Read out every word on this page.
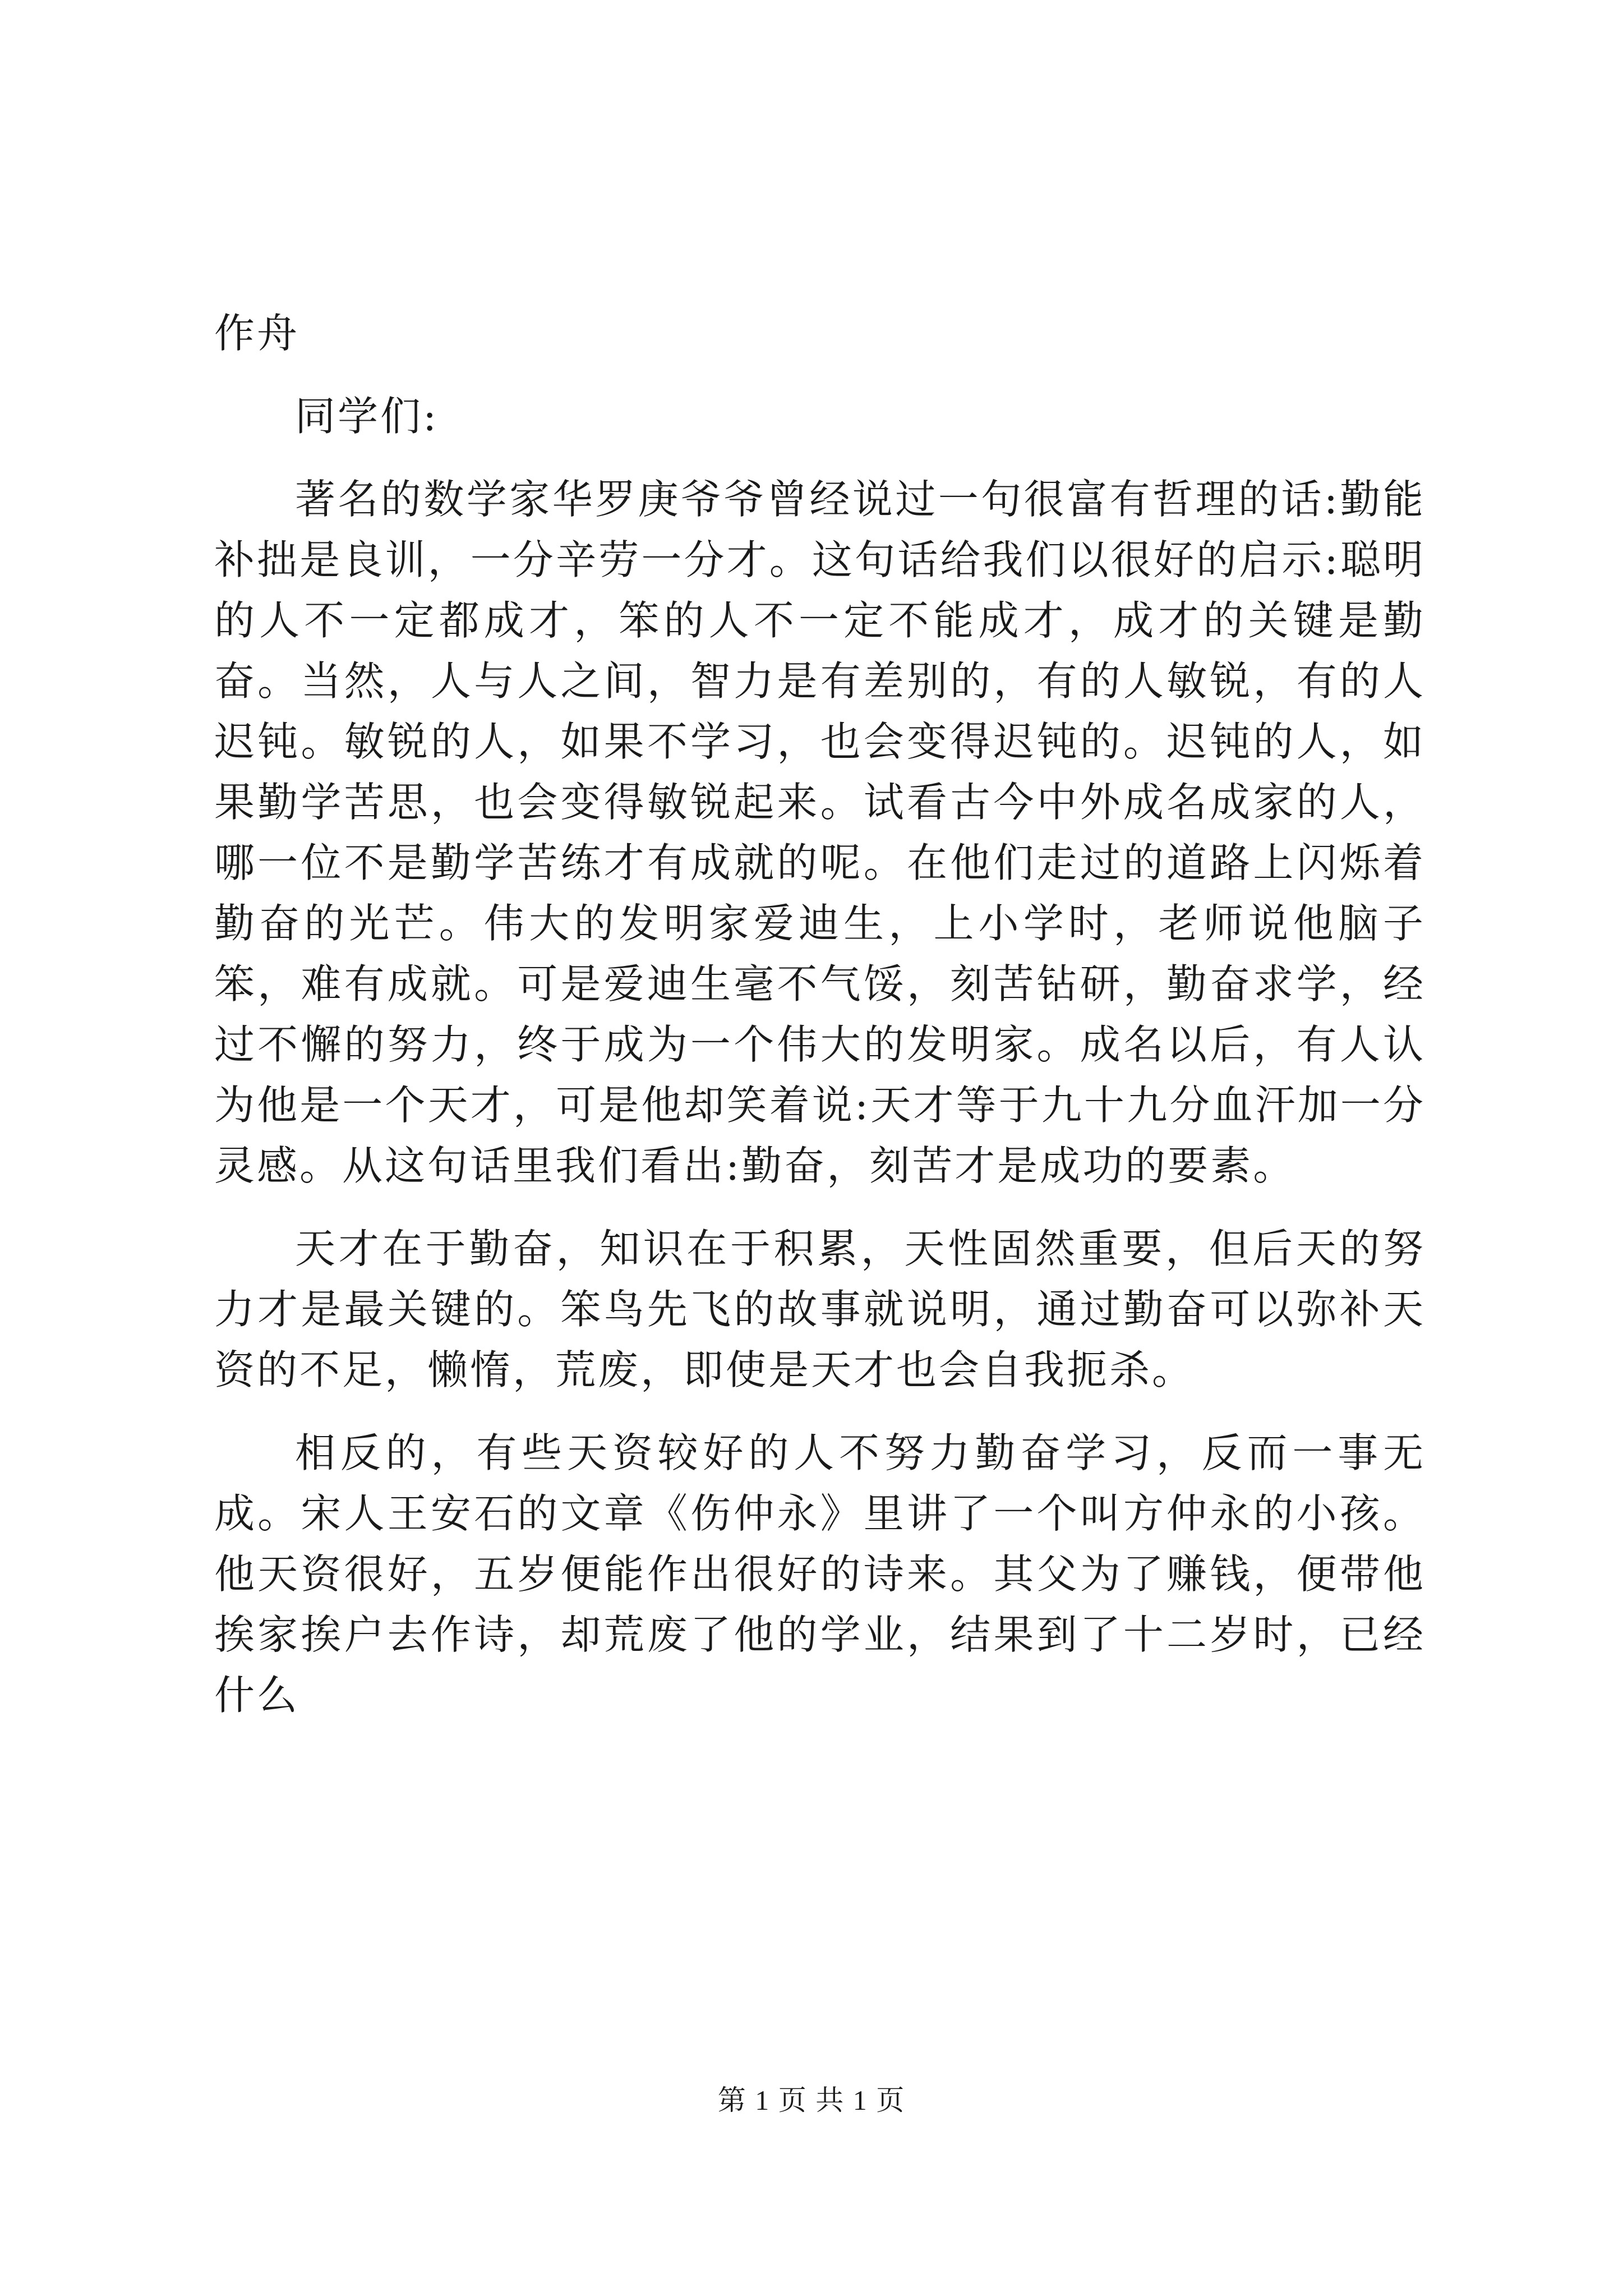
作舟
同学们:

著名的数学家华罗庚爷爷曾经说过一句很富有哲理的话:勤能补拙是良训，一分辛劳一分才。这句话给我们以很好的启示:聪明的人不一定都成才，笨的人不一定不能成才，成才的关键是勤奋。当然，人与人之间，智力是有差别的，有的人敏锐，有的人迟钝。敏锐的人，如果不学习，也会变得迟钝的。迟钝的人，如果勤学苦思，也会变得敏锐起来。试看古今中外成名成家的人，哪一位不是勤学苦练才有成就的呢。在他们走过的道路上闪烁着勤奋的光芒。伟大的发明家爱迪生，上小学时，老师说他脑子笨，难有成就。可是爱迪生毫不气馁，刻苦钻研，勤奋求学，经过不懈的努力，终于成为一个伟大的发明家。成名以后，有人认为他是一个天才，可是他却笑着说:天才等于九十九分血汗加一分灵感。从这句话里我们看出:勤奋，刻苦才是成功的要素。

天才在于勤奋，知识在于积累，天性固然重要，但后天的努力才是最关键的。笨鸟先飞的故事就说明，通过勤奋可以弥补天资的不足，懒惰，荒废，即使是天才也会自我扼杀。

相反的，有些天资较好的人不努力勤奋学习，反而一事无成。宋人王安石的文章《伤仲永》里讲了一个叫方仲永的小孩。他天资很好，五岁便能作出很好的诗来。其父为了赚钱，便带他挨家挨户去作诗，却荒废了他的学业，结果到了十二岁时，已经什么

第 1 页 共 1 页
